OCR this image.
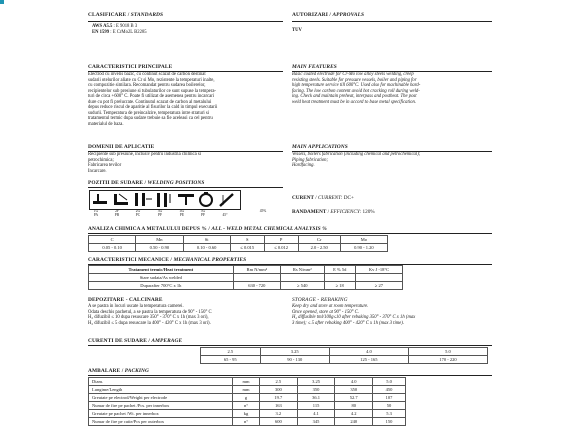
CLASIFICARE / STANDARDS
AWS A5.5 : E 9018 B 3
EN 1599 : E CrMo2L B2285
AUTORIZARI / APPROVALS
TUV
CARACTERISTICI PRINCIPALE
Electrod cu invelis bazic, cu continut scazut de carbon destinat
sudarii otelurilor aliate cu Cr si Mo, rezistente la temperaturi inalte,
cu compozitie similara. Recomandat pentru sudarea boilerelor,
recipientelor sub presiune si tubulaturilor ce sunt supuse la tempera-
turi de circa +600° C. Poate fi utilizat de asemenea pentru incarcari
dure cu pot fi prelucrate. Continutul scazut de carbon al metalului
depus reduce riscul de aparitie al fisurilor la cald in timpul executarii
sudurii. Temperatura de preincalzire, temperatura intre straturi si
tratamentul termic dupa sudare trebuie sa fie aceleasi ca cel pentru
materialul de baza.
MAIN FEATURES
Basic coated electrode for Cr-Mo low alloy steels welding, creep
resisting steels. Suitable for pressure vessels, boiler and piping for
high temperature service till 600°C. Used also for machinable hard-
facing. The low carbon content avoid hot cracking roll during weld-
ing. Check and maintain preheat, interpass and postheat. The post
weld heat treatment must be in accord to base metal specification.
DOMENII DE APLICATIE
Recipiente sub presiune, inclusiv pentru industria chimica si
petrochimica;
Fabricarea tevilor
Incarcare.
MAIN APPLICATIONS
Vessels, boilers fabrication (including chemical and petrochemical);
Piping fabrication;
Hardfacing.
POZITII DE SUDARE / WELDING POSITIONS
1G	2F	2G	3G	4G	5G
PA	PB	PC	PF	PE	PF	45°
45%
CURENT / CURRENT: DC+
RANDAMENT / EFFICIENCY: 120%
ANALIZA CHIMICA A METALULUI DEPUS % / ALL - WELD METAL CHEMICAL ANALYSIS %
C	Mn	Si	S	P	Cr	Mo
0.05 - 0.10	0.50 - 0.90	0.10 - 0.60	≤ 0.015	≤ 0.012	2.0 - 2.50	0.90 - 1.20
CARACTERISTICI MECANICE / MECHANICAL PROPERTIES
Tratament termic/Heat treatment	Rm N/mm²	Rs N/mm²	E % 5d	Kv J -18°C
Stare sudata/As welded				
Duparafter 700°C x 1h	630 - 720	≥ 540	≥ 18	≥ 27
DEPOZITARE - CALCINARE
A se pastra in locuri uscate la temperatura camerei.
Odata deschis pachetul, a se pastra la temperatura de 90° - 150° C
H₂ difuzibil ≤ 10 dupa resuscare 350° - 370° C x 1h (max 3 ori),
H₂ difuzibil ≤ 5 dupa resuscare la 400° - 420° C x 1h (max 3 ori).
STORAGE - REBAKING
Keep dry and store at room temperature.
Once opened, store at 90° - 150° C.
H₂ diffusible tml/100g≤10 after rebaking 350° - 370° C x 1h (max
3 time); ≤ 5 after rebaking 400° - 420° C x 1h (max 3 time).
CURENTI DE SUDARE / AMPERAGE
2.5	3.25	4.0	5.0
65 - 95	90 - 130	125 - 165	170 - 220
AMBALARE / PACKING
Diam.	mm	2.5	3.25	4.0	5.0
Lungime/Length	mm	300	350	350	450
Greutate pe electrod/Weight per electrode	g	19.7	36.1	52.7	107
Numar de fire pe pachet /Pcs. per innerbox	n°	163	115	80	50
Greutate pe pachet /Wt. per innerbox	kg	3.2	4.1	4.2	5.3
Numar de fire pe cutie/Pcs per outerbox	n°	600	345	240	150
